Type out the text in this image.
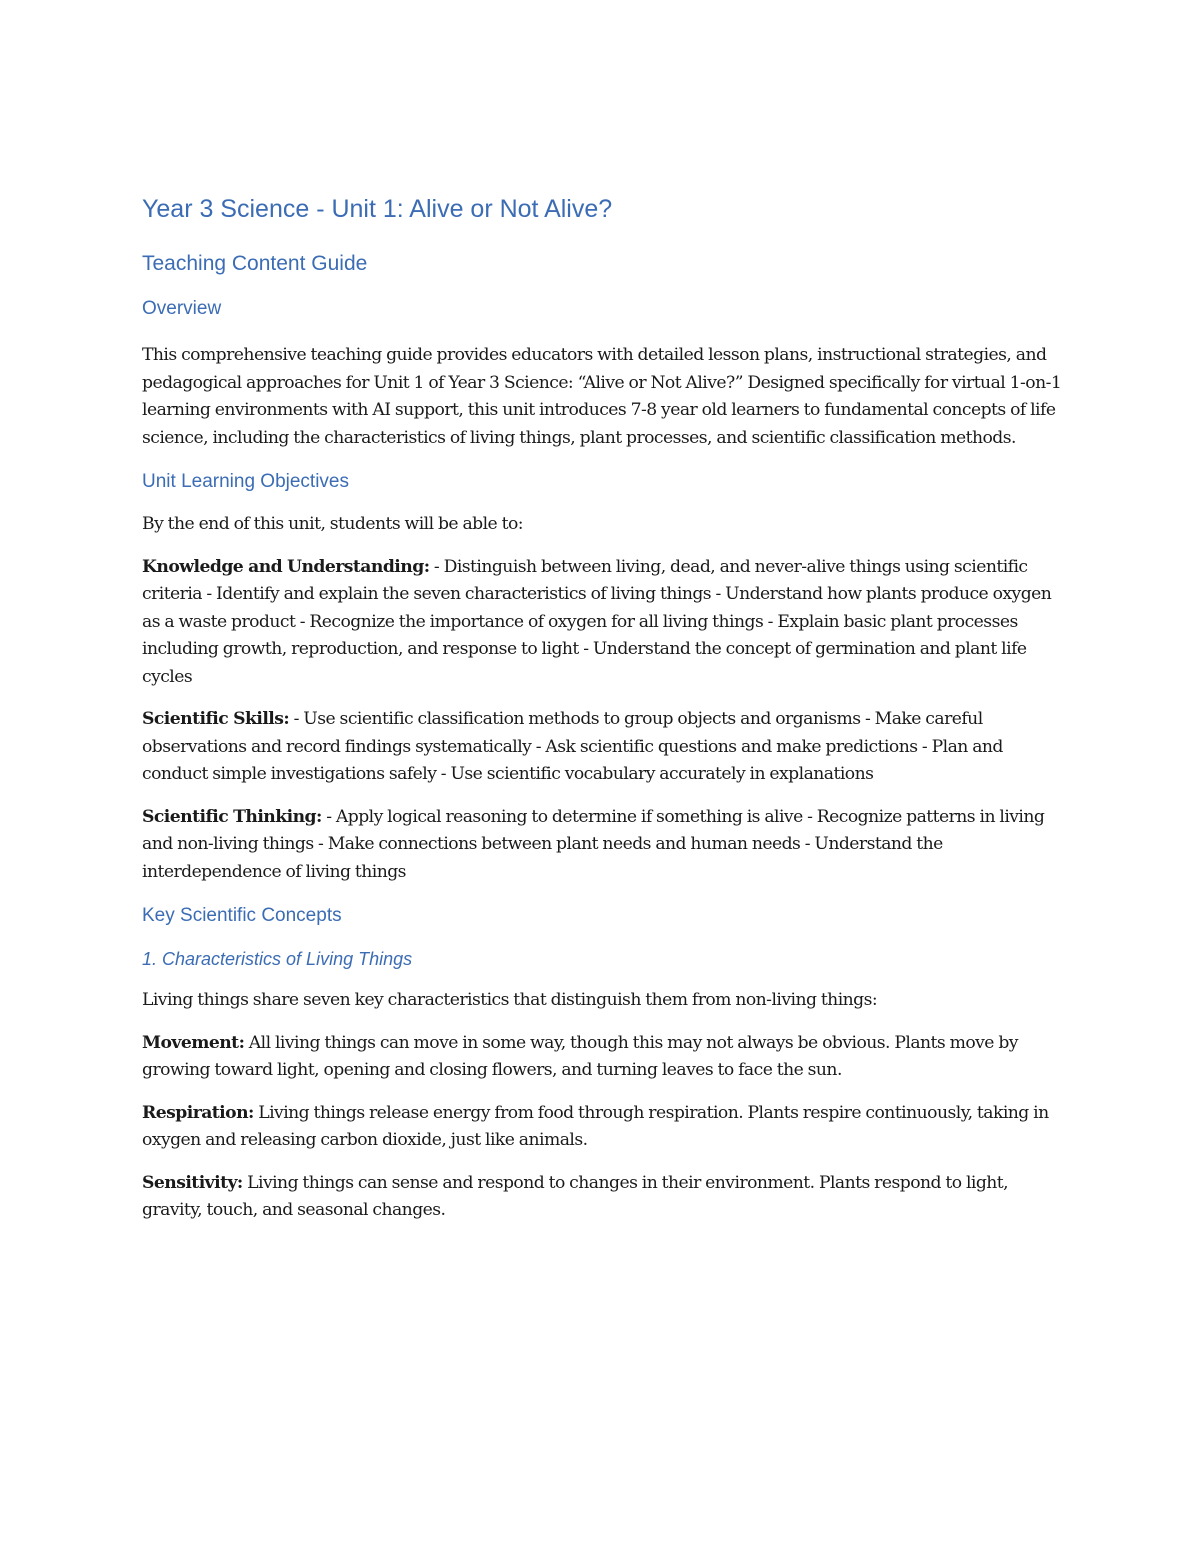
Year 3 Science - Unit 1: Alive or Not Alive?
Teaching Content Guide
Overview

This comprehensive teaching guide provides educators with detailed lesson plans, instructional strategies, and pedagogical approaches for Unit 1 of Year 3 Science: “Alive or Not Alive?” Designed specifically for virtual 1-on-1 learning environments with AI support, this unit introduces 7-8 year old learners to fundamental concepts of life science, including the characteristics of living things, plant processes, and scientific classification methods.

Unit Learning Objectives

By the end of this unit, students will be able to:

Knowledge and Understanding: - Distinguish between living, dead, and never-alive things using scientific criteria - Identify and explain the seven characteristics of living things - Understand how plants produce oxygen as a waste product - Recognize the importance of oxygen for all living things - Explain basic plant processes including growth, reproduction, and response to light - Understand the concept of germination and plant life cycles

Scientific Skills: - Use scientific classification methods to group objects and organisms - Make careful observations and record findings systematically - Ask scientific questions and make predictions - Plan and conduct simple investigations safely - Use scientific vocabulary accurately in explanations

Scientific Thinking: - Apply logical reasoning to determine if something is alive - Recognize patterns in living and non-living things - Make connections between plant needs and human needs - Understand the interdependence of living things

Key Scientific Concepts
1. Characteristics of Living Things

Living things share seven key characteristics that distinguish them from non-living things:

Movement: All living things can move in some way, though this may not always be obvious. Plants move by growing toward light, opening and closing flowers, and turning leaves to face the sun.

Respiration: Living things release energy from food through respiration. Plants respire continuously, taking in oxygen and releasing carbon dioxide, just like animals.

Sensitivity: Living things can sense and respond to changes in their environment. Plants respond to light, gravity, touch, and seasonal changes.
